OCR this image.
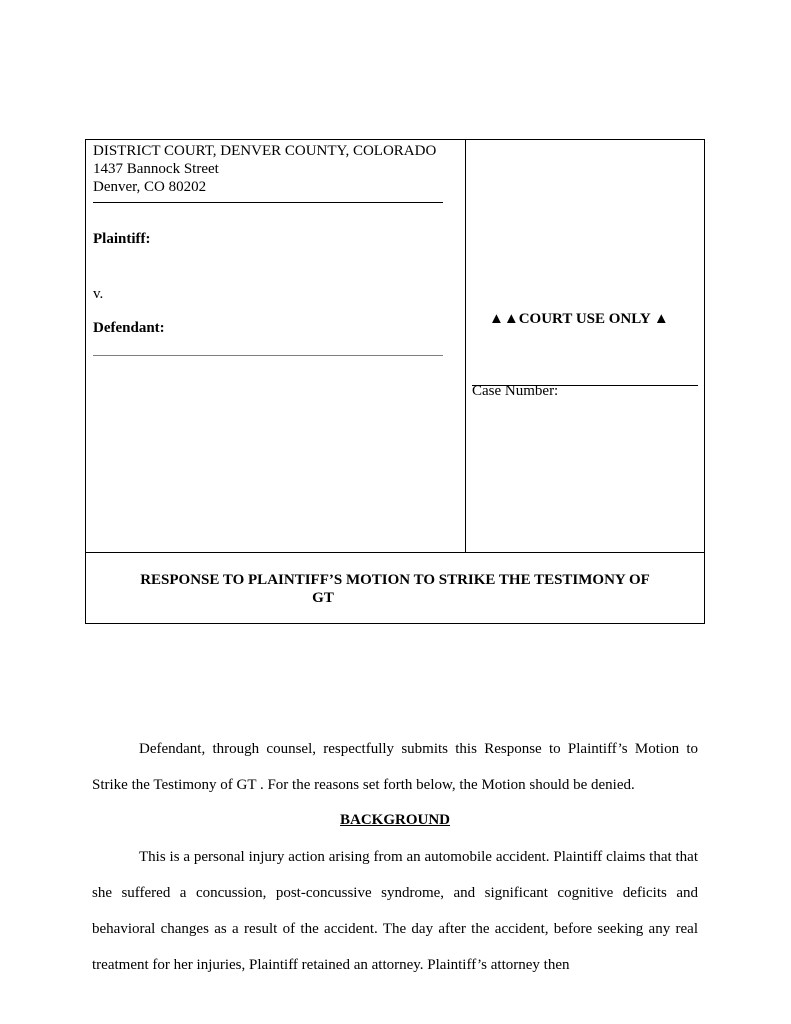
DISTRICT COURT, DENVER COUNTY, COLORADO
1437 Bannock Street
Denver, CO 80202
Plaintiff:
v.
Defendant:
▲▲COURT USE ONLY ▲
Case Number:
RESPONSE TO PLAINTIFF’S MOTION TO STRIKE THE TESTIMONY OF
GT
Defendant, through counsel, respectfully submits this Response to Plaintiff’s Motion to Strike the Testimony of GT . For the reasons set forth below, the Motion should be denied.
BACKGROUND
This is a personal injury action arising from an automobile accident. Plaintiff claims that that she suffered a concussion, post-concussive syndrome, and significant cognitive deficits and behavioral changes as a result of the accident. The day after the accident, before seeking any real treatment for her injuries, Plaintiff retained an attorney. Plaintiff’s attorney then
